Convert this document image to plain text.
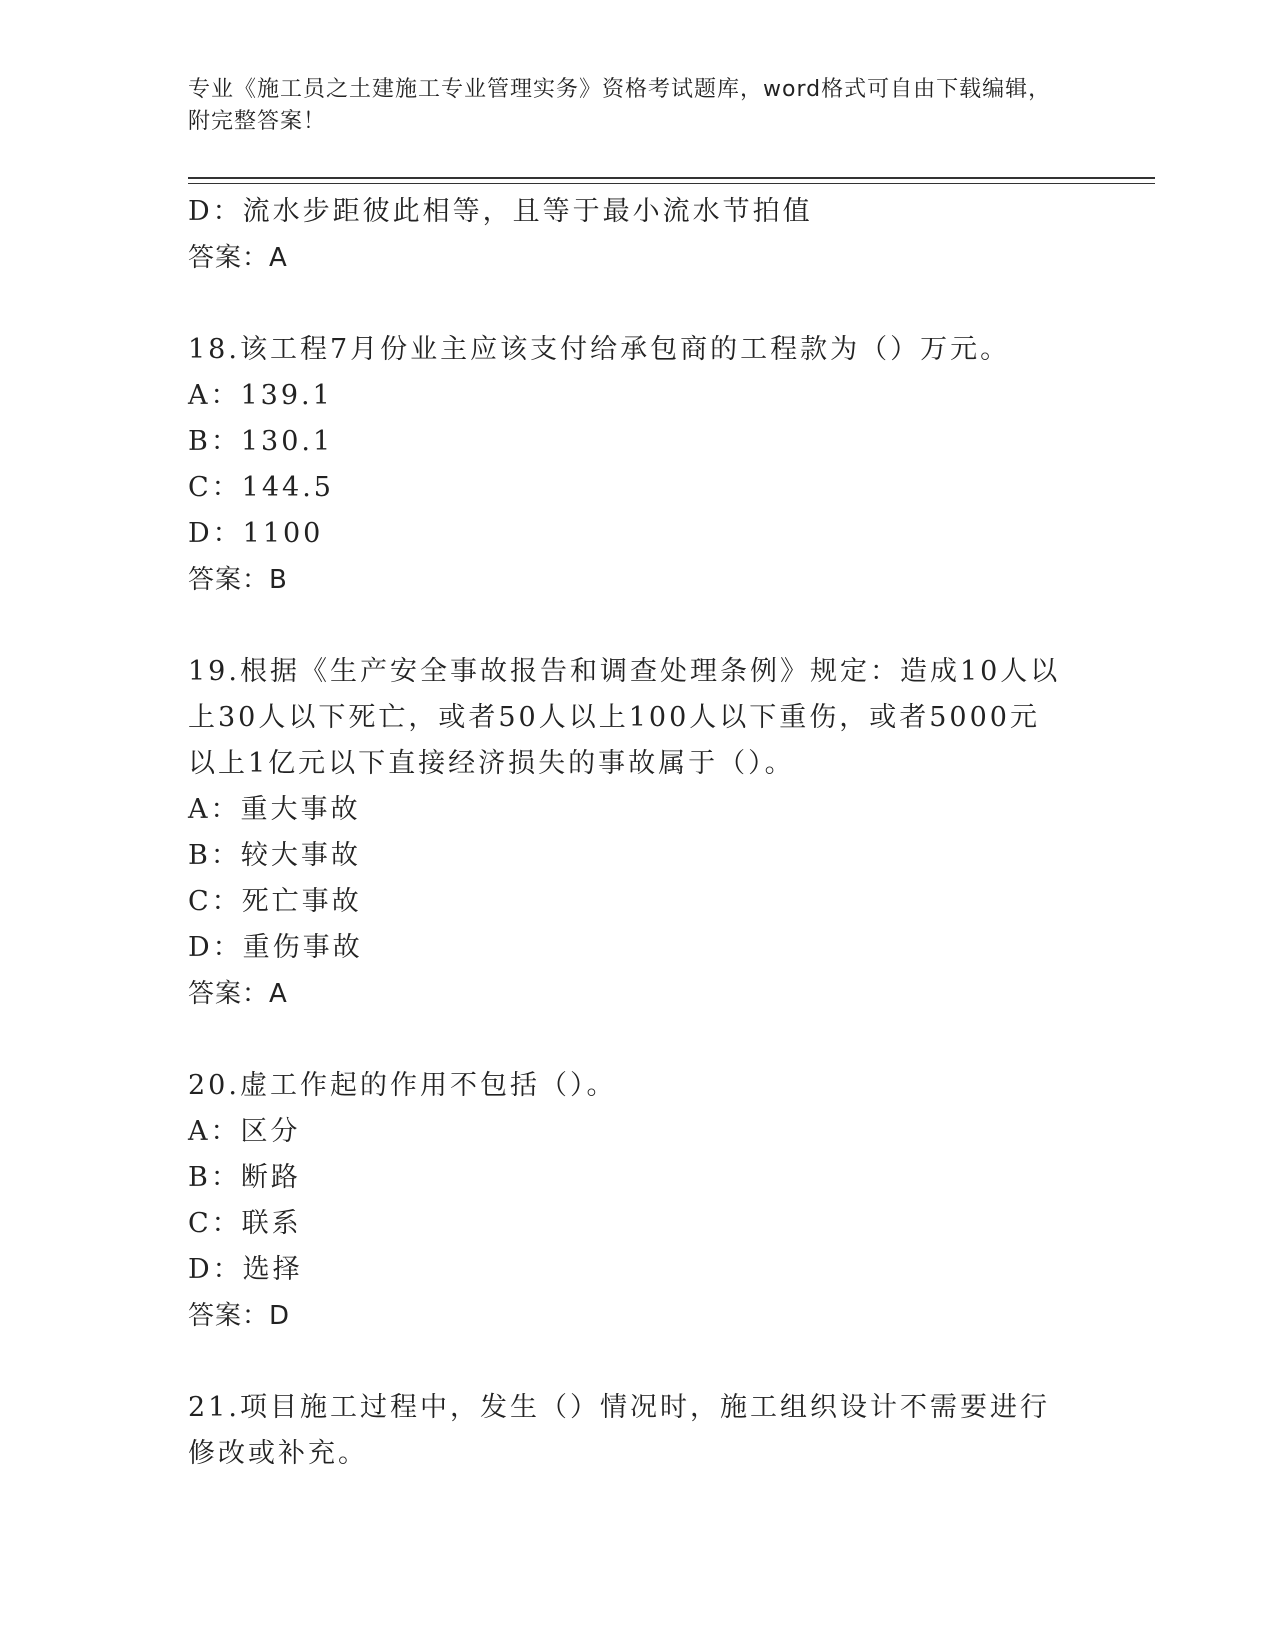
专业《施工员之土建施工专业管理实务》资格考试题库，word格式可自由下载编辑，附完整答案！
D：流水步距彼此相等，且等于最小流水节拍值
答案：A
18.该工程7月份业主应该支付给承包商的工程款为（）万元。
A：139.1
B：130.1
C：144.5
D：1100
答案：B
19.根据《生产安全事故报告和调查处理条例》规定：造成10人以上30人以下死亡，或者50人以上100人以下重伤，或者5000元以上1亿元以下直接经济损失的事故属于（）。
A：重大事故
B：较大事故
C：死亡事故
D：重伤事故
答案：A
20.虚工作起的作用不包括（）。
A：区分
B：断路
C：联系
D：选择
答案：D
21.项目施工过程中，发生（）情况时，施工组织设计不需要进行修改或补充。
